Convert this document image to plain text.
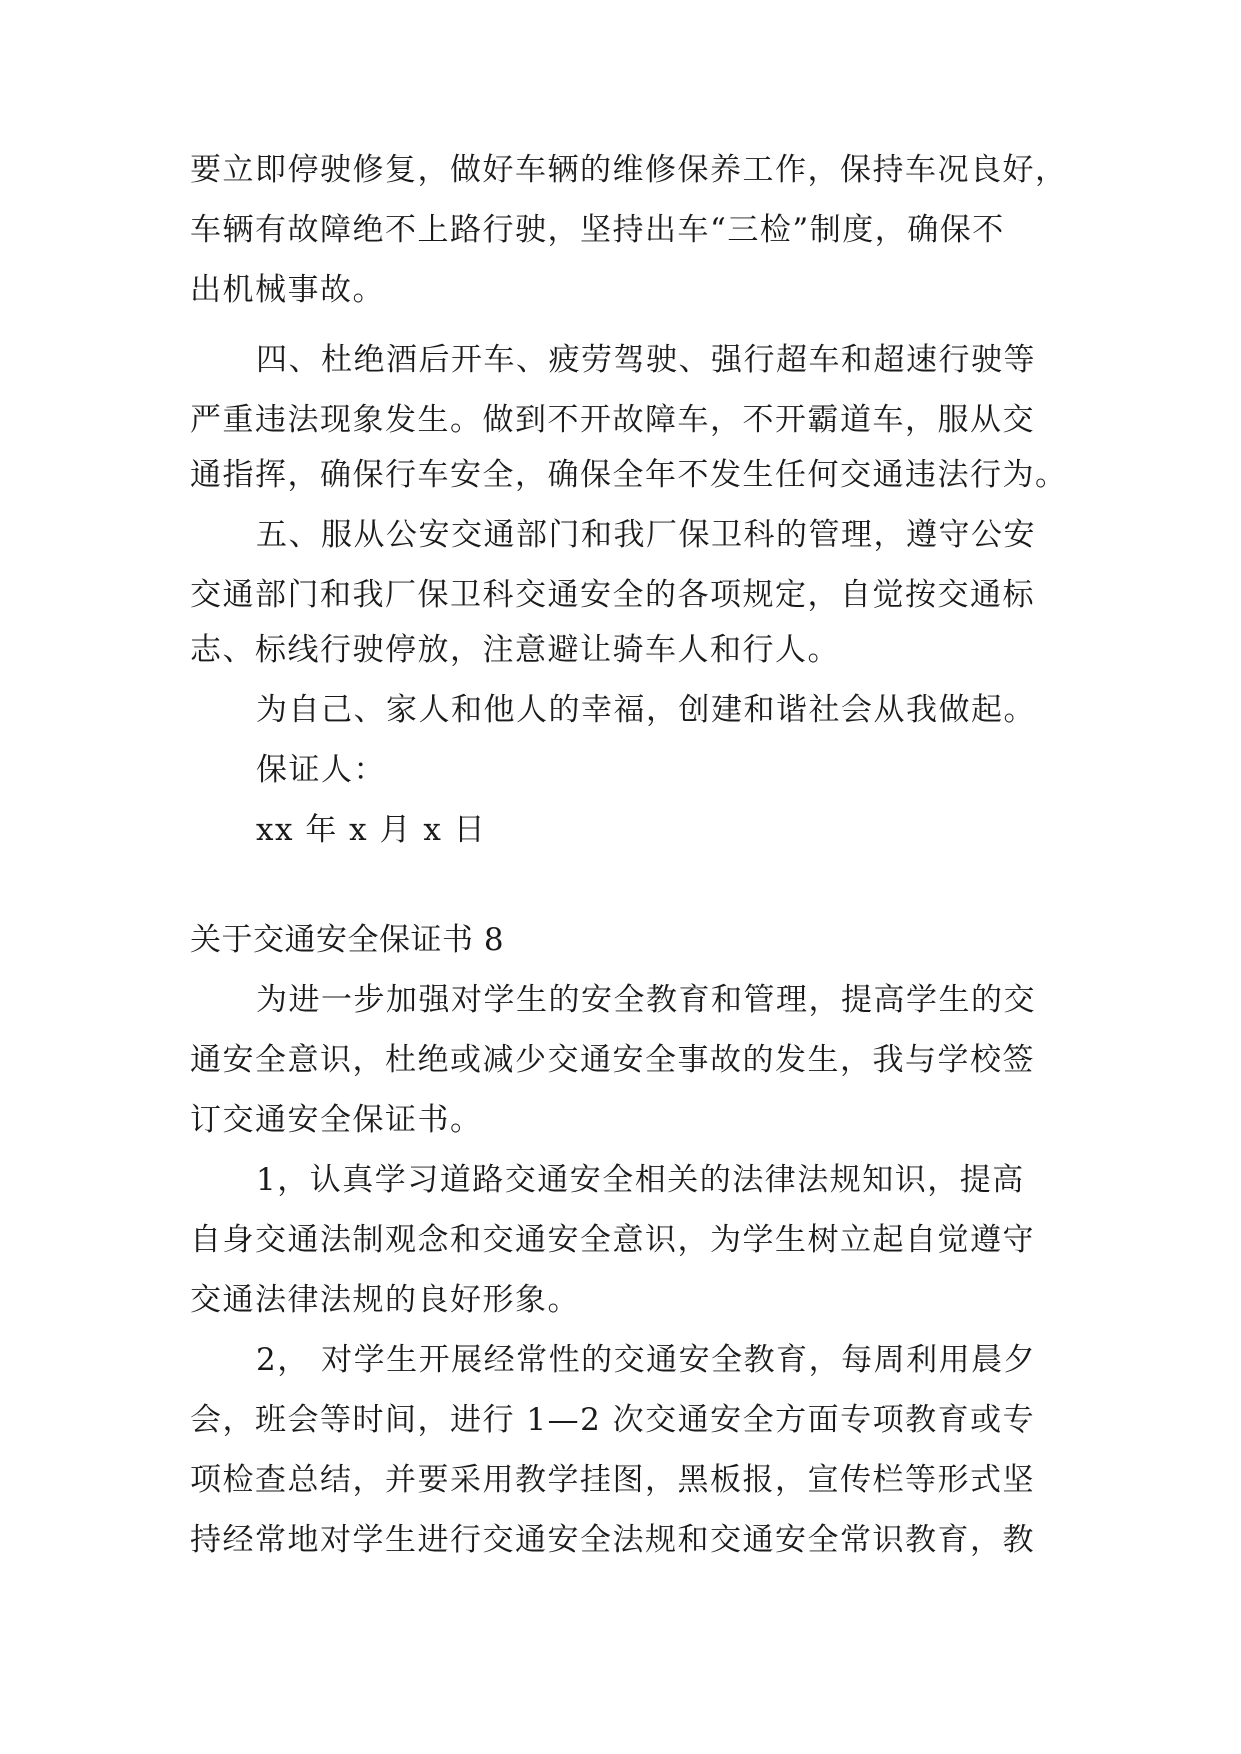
要立即停驶修复，做好车辆的维修保养工作，保持车况良好，
车辆有故障绝不上路行驶，坚持出车“三检”制度，确保不
出机械事故。
四、杜绝酒后开车、疲劳驾驶、强行超车和超速行驶等
严重违法现象发生。做到不开故障车，不开霸道车，服从交
通指挥，确保行车安全，确保全年不发生任何交通违法行为。
五、服从公安交通部门和我厂保卫科的管理，遵守公安
交通部门和我厂保卫科交通安全的各项规定，自觉按交通标
志、标线行驶停放，注意避让骑车人和行人。
为自己、家人和他人的幸福，创建和谐社会从我做起。
保证人：
xx 年 x 月 x 日
关于交通安全保证书 8
为进一步加强对学生的安全教育和管理，提高学生的交
通安全意识，杜绝或减少交通安全事故的发生，我与学校签
订交通安全保证书。
1，认真学习道路交通安全相关的法律法规知识，提高
自身交通法制观念和交通安全意识，为学生树立起自觉遵守
交通法律法规的良好形象。
2， 对学生开展经常性的交通安全教育，每周利用晨夕
会，班会等时间，进行 1—2 次交通安全方面专项教育或专
项检查总结，并要采用教学挂图，黑板报，宣传栏等形式坚
持经常地对学生进行交通安全法规和交通安全常识教育，教
